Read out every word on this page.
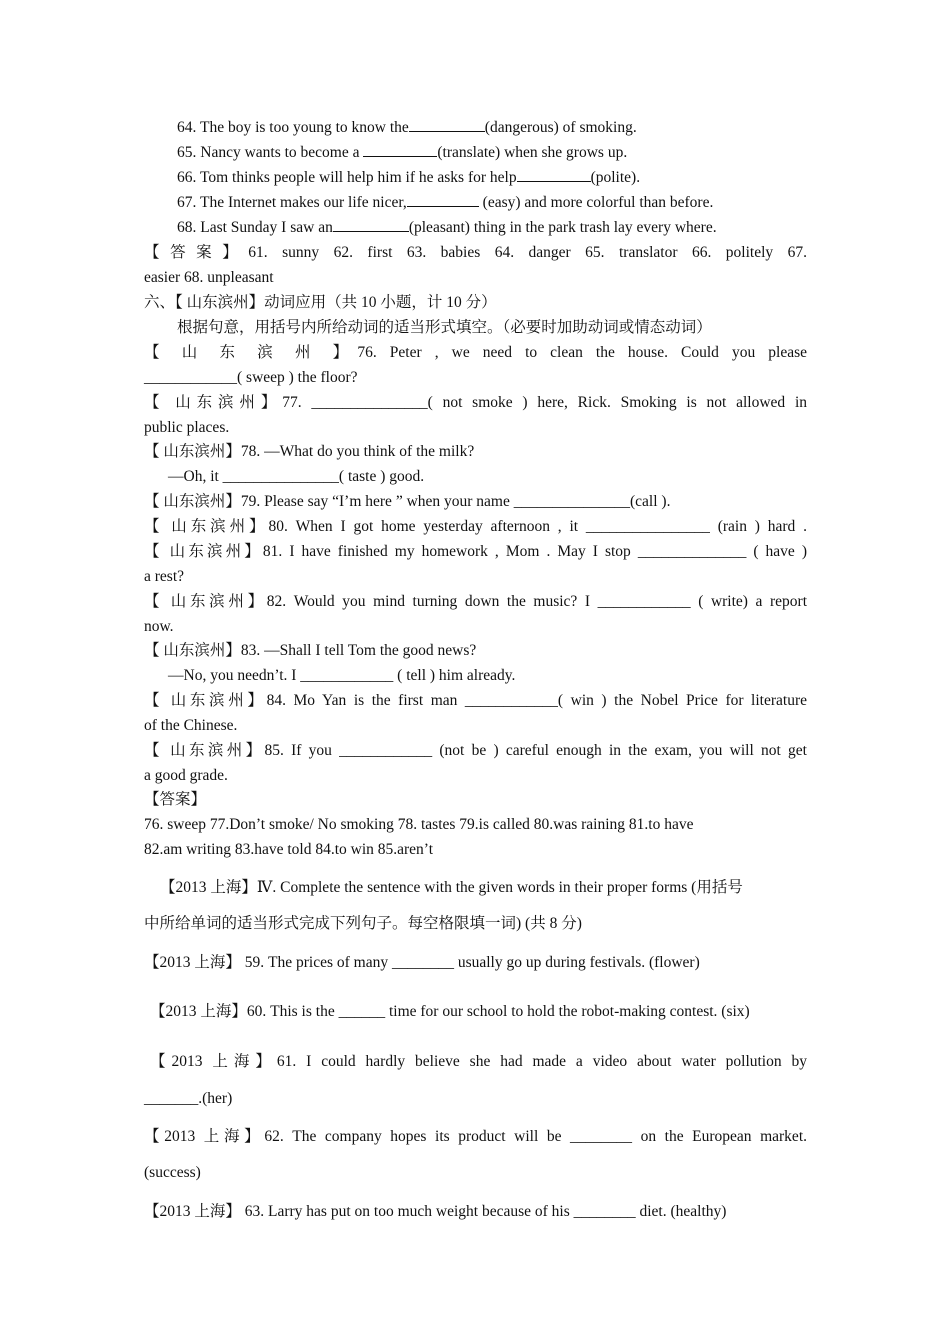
64. The boy is too young to know the	(dangerous) of smoking.
65. Nancy wants to become a	(translate) when she grows up.
66. Tom thinks people will help him if he asks for help	(polite).
67. The Internet makes our life nicer,	(easy) and more colorful than before.
68. Last Sunday I saw an	(pleasant) thing in the park trash lay every where.
【答案】61. sunny 62. first 63. babies 64. danger 65. translator 66. politely 67.
easier 68. unpleasant
六、【 山东滨州】动词应用（共 10 小题，计 10 分）
根据句意，用括号内所给动词的适当形式填空。（必要时加助动词或情态动词）
【 山 东 滨 州 】76. Peter , we need to clean the house. Could you please
____________( sweep ) the floor?
【 山东滨州】77. _______________( not smoke ) here, Rick. Smoking is not allowed in
public places.
【 山东滨州】78. —What do you think of the milk?
—Oh, it _______________( taste ) good.
【 山东滨州】79. Please say “I’m here ” when your name _______________(call ).
【 山东滨州】80. When I got home yesterday afternoon , it ________________ (rain ) hard .
【 山东滨州】81. I have finished my homework , Mom . May I stop ______________ ( have )
a rest?
【 山东滨州】82. Would you mind turning down the music? I ____________ ( write) a report
now.
【 山东滨州】83. —Shall I tell Tom the good news?
—No, you needn’t. I ____________ ( tell ) him already.
【 山东滨州】84. Mo Yan is the first man ____________( win ) the Nobel Price for literature
of the Chinese.
【 山东滨州】85. If you ____________ (not be ) careful enough in the exam, you will not get
a good grade.
【答案】
76. sweep 77.Don’t smoke/ No smoking 78. tastes 79.is called 80.was raining 81.to have
82.am writing 83.have told 84.to win 85.aren’t
【2013 上海】Ⅳ. Complete the sentence with the given words in their proper forms (用括号
中所给单词的适当形式完成下列句子。每空格限填一词) (共 8 分)
【2013 上海】 59. The prices of many ________ usually go up during festivals. (flower)
【2013 上海】60. This is the ______ time for our school to hold the robot-making contest. (six)
【2013 上海】61. I could hardly believe she had made a video about water pollution by
_______.(her)
【2013 上海】62. The company hopes its product will be ________ on the European market.
(success)
【2013 上海】 63. Larry has put on too much weight because of his ________ diet. (healthy)
